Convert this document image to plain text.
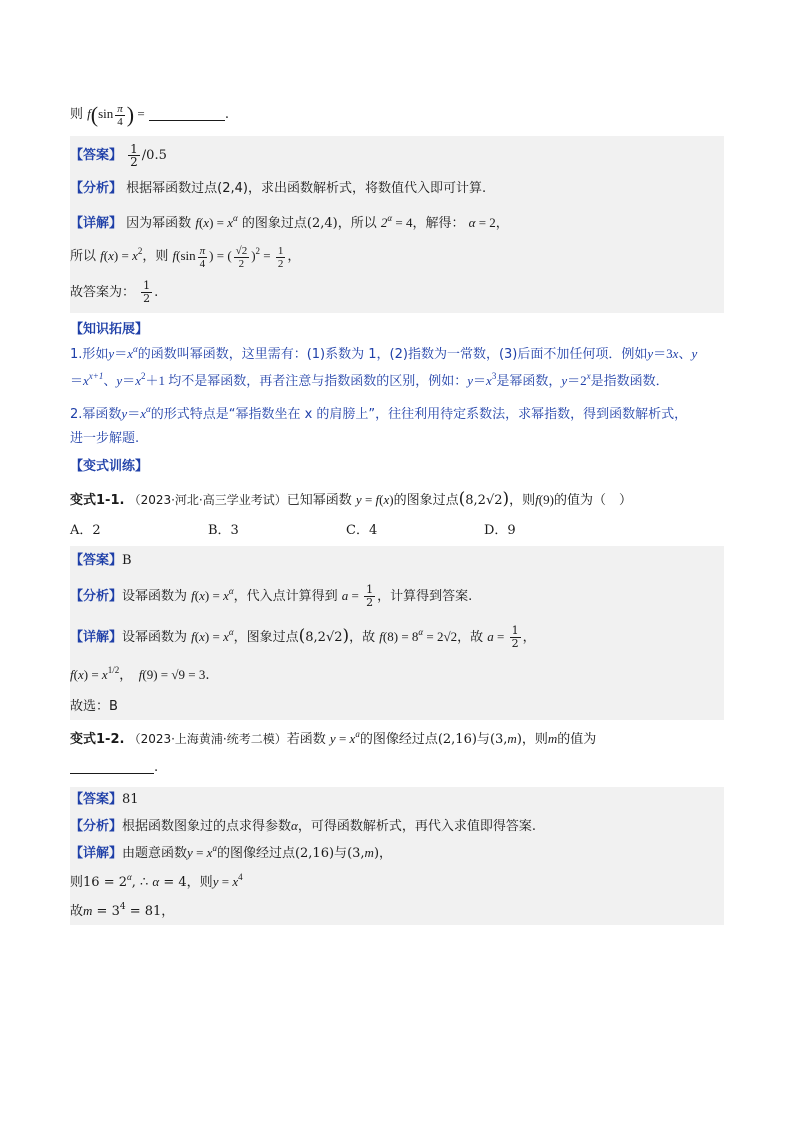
则 $f(\sin \frac{\pi}{4}$ ) =	.
【答案】 $\frac{1}{2} /0.5$
【分析】 根据幂函数过点(2,4)，求出函数解析式，将数值代入即可计算.
【详解】 因为幂函数 $f(x) = x^\alpha$ 的图象过点(2,4)，所以 $2^\alpha = 4$，解得： α = 2，
所以 $f(x) = x^2$，则 $f(\sin \frac{\pi}{4}$ ) = ( $\frac{√2}{2} )^2 = \frac{1}{2}$ ，
故答案为： $\frac{1}{2}$ .
【知识拓展】
1.形如$y=x^\alpha$的函数叫幂函数，这里需有：(1)系数为 1，(2)指数为一常数，(3)后面不加任何项．例如y＝3x、y
$=x^{x+1}$、$y=x^2+1$ 均不是幂函数，再者注意与指数函数的区别，例如：$y=x^3$是幂函数，$y=2^x$是指数函数．
2.幂函数$y=x^\alpha$的形式特点是“幂指数坐在 x 的肩膀上”，往往利用待定系数法，求幂指数，得到函数解析式，
进一步解题.
【变式训练】
变式1-1. （2023·河北·高三学业考试）已知幂函数 y = f(x)的图象过点(8,2√2)，则f(9)的值为（　）
A．2	B．3	C．4	D．9
【答案】B
【分析】设幂函数为 $f(x) = x^\alpha$，代入点计算得到 $a = \frac{1}{2}$ ，计算得到答案.
【详解】设幂函数为 $f(x) = x^\alpha$，图象过点(8,2√2)，故 $f(8) = 8^\alpha = 2√2$，故 $a = \frac{1}{2}$ ，
$f(x) = x^{1/2}$，　f(9) = √9 = 3.
故选：B
变式1-2. （2023·上海黄浦·统考二模）若函数 $y = x^a$的图像经过点(2,16)与(3,m)，则m的值为
.
【答案】81
【分析】根据函数图象过的点求得参数α，可得函数解析式，再代入求值即得答案.
【详解】由题意函数$y = x^a$的图像经过点(2,16)与(3,m)，
则$16 = 2^\alpha$, ∴ α = 4，则$y = x^4$
故$m = 3^4 = 81$，
